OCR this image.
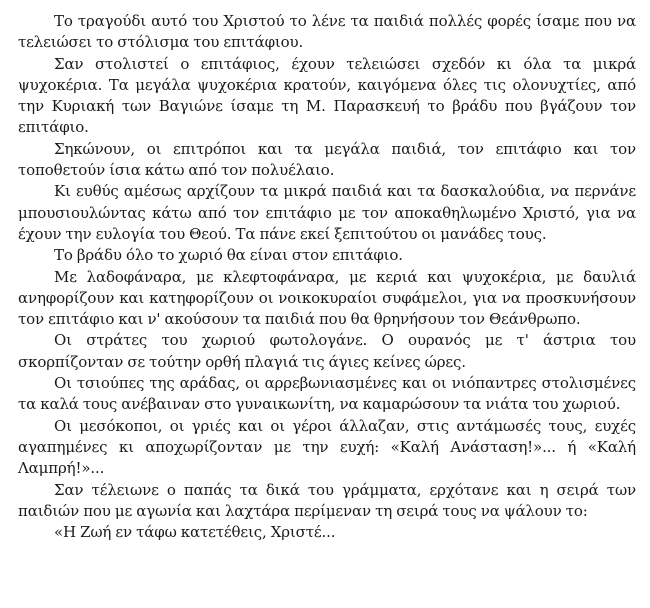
Το τραγούδι αυτό του Χριστού το λένε τα παιδιά πολλές φορές ίσαμε που να τελειώσει το στόλισμα του επιτάφιου.

Σαν στολιστεί ο επιτάφιος, έχουν τελειώσει σχεδόν κι όλα τα μικρά ψυχοκέρια. Τα μεγάλα ψυχοκέρια κρατούν, καιγόμενα όλες τις ολονυχτίες, από την Κυριακή των Βαγιώνε ίσαμε τη Μ. Παρασκευή το βράδυ που βγάζουν τον επιτάφιο.

Σηκώνουν, οι επιτρόποι και τα μεγάλα παιδιά, τον επιτάφιο και τον τοποθετούν ίσια κάτω από τον πολυέλαιο.

Κι ευθύς αμέσως αρχίζουν τα μικρά παιδιά και τα δασκαλούδια, να περνάνε μπουσιουλώντας κάτω από τον επιτάφιο με τον αποκαθηλωμένο Χριστό, για να έχουν την ευλογία του Θεού. Τα πάνε εκεί ξεπιτούτου οι μανάδες τους.

Το βράδυ όλο το χωριό θα είναι στον επιτάφιο.

Με λαδοφάναρα, με κλεφτοφάναρα, με κεριά και ψυχοκέρια, με δαυλιά ανηφορίζουν και κατηφορίζουν οι νοικοκυραίοι συφάμελοι, για να προσκυνήσουν τον επιτάφιο και ν' ακούσουν τα παιδιά που θα θρηνήσουν τον Θεάνθρωπο.

Οι στράτες του χωριού φωτολογάνε. Ο ουρανός με τ' άστρια του σκορπίζονταν σε τούτην ορθή πλαγιά τις άγιες κείνες ώρες.

Οι τσιούπες της αράδας, οι αρρεβωνιασμένες και οι νιόπαντρες στολισμένες τα καλά τους ανέβαιναν στο γυναικωνίτη, να καμαρώσουν τα νιάτα του χωριού.

Οι μεσόκοποι, οι γριές και οι γέροι άλλαζαν, στις αντάμωσές τους, ευχές αγαπημένες κι αποχωρίζονταν με την ευχή: «Καλή Ανάσταση!»... ή «Καλή Λαμπρή!»...

Σαν τέλειωνε ο παπάς τα δικά του γράμματα, ερχότανε και η σειρά των παιδιών που με αγωνία και λαχτάρα περίμεναν τη σειρά τους να ψάλουν το:

«Η Ζωή εν τάφω κατετέθεις, Χριστέ...
